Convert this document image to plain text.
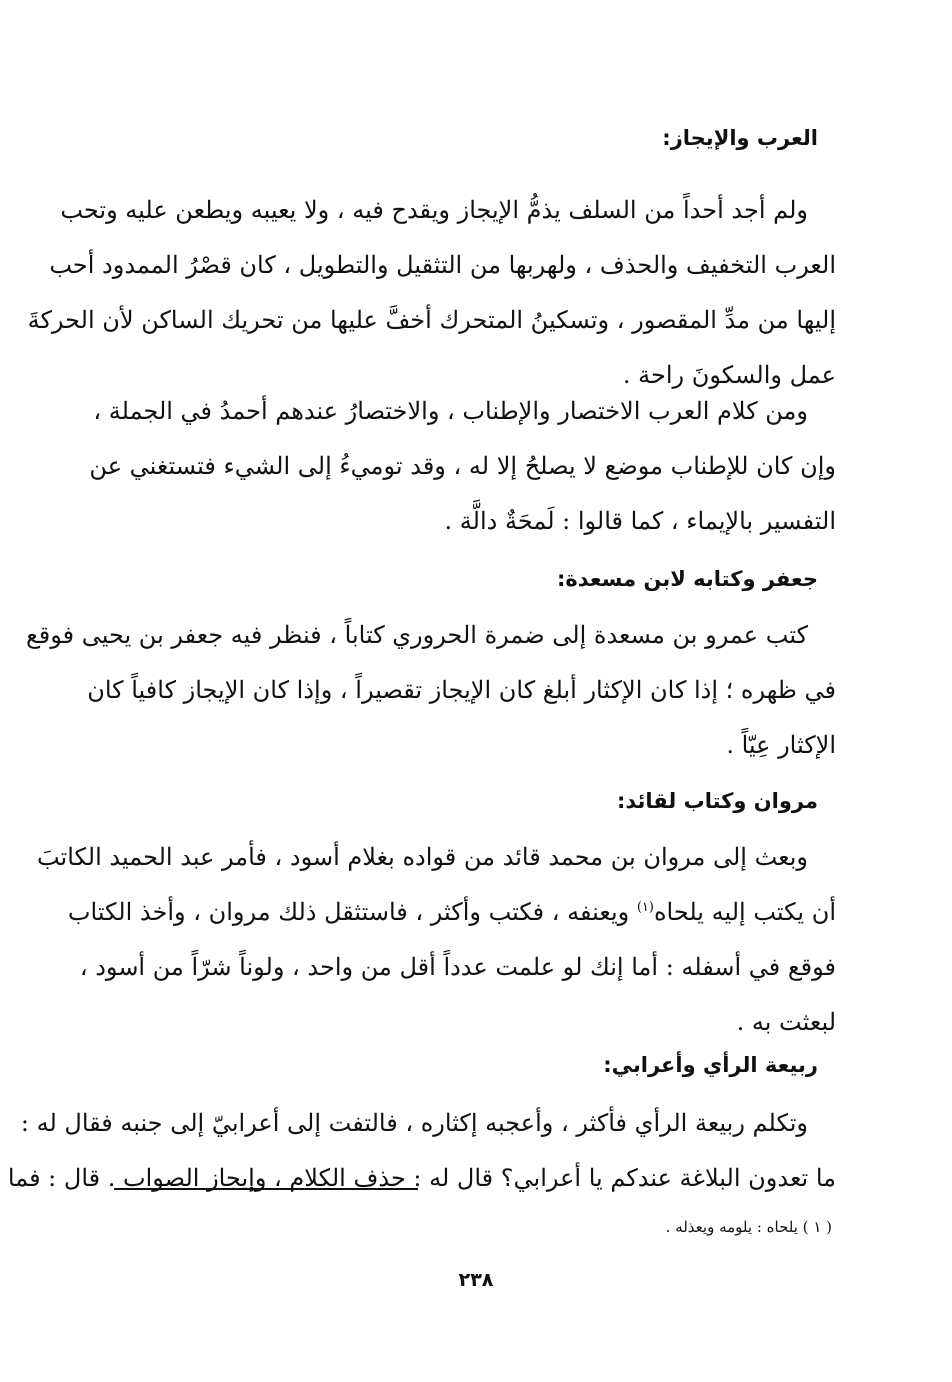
العرب والإيجاز:
ولم أجد أحداً من السلف يذمُّ الإيجاز ويقدح فيه ، ولا يعيبه ويطعن عليه وتحب
العرب التخفيف والحذف ، ولهربها من التثقيل والتطويل ، كان قصْرُ الممدود أحب
إليها من مدِّ المقصور ، وتسكينُ المتحرك أخفَّ عليها من تحريك الساكن لأن الحركةَ
عمل والسكونَ راحة .
ومن كلام العرب الاختصار والإطناب ، والاختصارُ عندهم أحمدُ في الجملة ،
وإن كان للإطناب موضع لا يصلحُ إلا له ، وقد توميءُ إلى الشيء فتستغني عن
التفسير بالإيماء ، كما قالوا : لَمحَةٌ دالَّة .
جعفر وكتابه لابن مسعدة:
كتب عمرو بن مسعدة إلى ضمرة الحروري كتاباً ، فنظر فيه جعفر بن يحيى فوقع
في ظهره ؛ إذا كان الإكثار أبلغ كان الإيجاز تقصيراً ، وإذا كان الإيجاز كافياً كان
الإكثار عِيّاً .
مروان وكتاب لقائد:
وبعث إلى مروان بن محمد قائد من قواده بغلام أسود ، فأمر عبد الحميد الكاتبَ
أن يكتب إليه يلحاه$^{(١)}$ ويعنفه ، فكتب وأكثر ، فاستثقل ذلك مروان ، وأخذ الكتاب
فوقع في أسفله : أما إنك لو علمت عدداً أقل من واحد ، ولوناً شرّاً من أسود ،
لبعثت به .
ربيعة الرأي وأعرابي:
وتكلم ربيعة الرأي فأكثر ، وأعجبه إكثاره ، فالتفت إلى أعرابيّ إلى جنبه فقال له :
ما تعدون البلاغة عندكم يا أعرابي؟ قال له : حذف الكلام ، وإيجاز الصواب . قال : فما
( ١ ) يلحاه : يلومه ويعذله .
٢٣٨
